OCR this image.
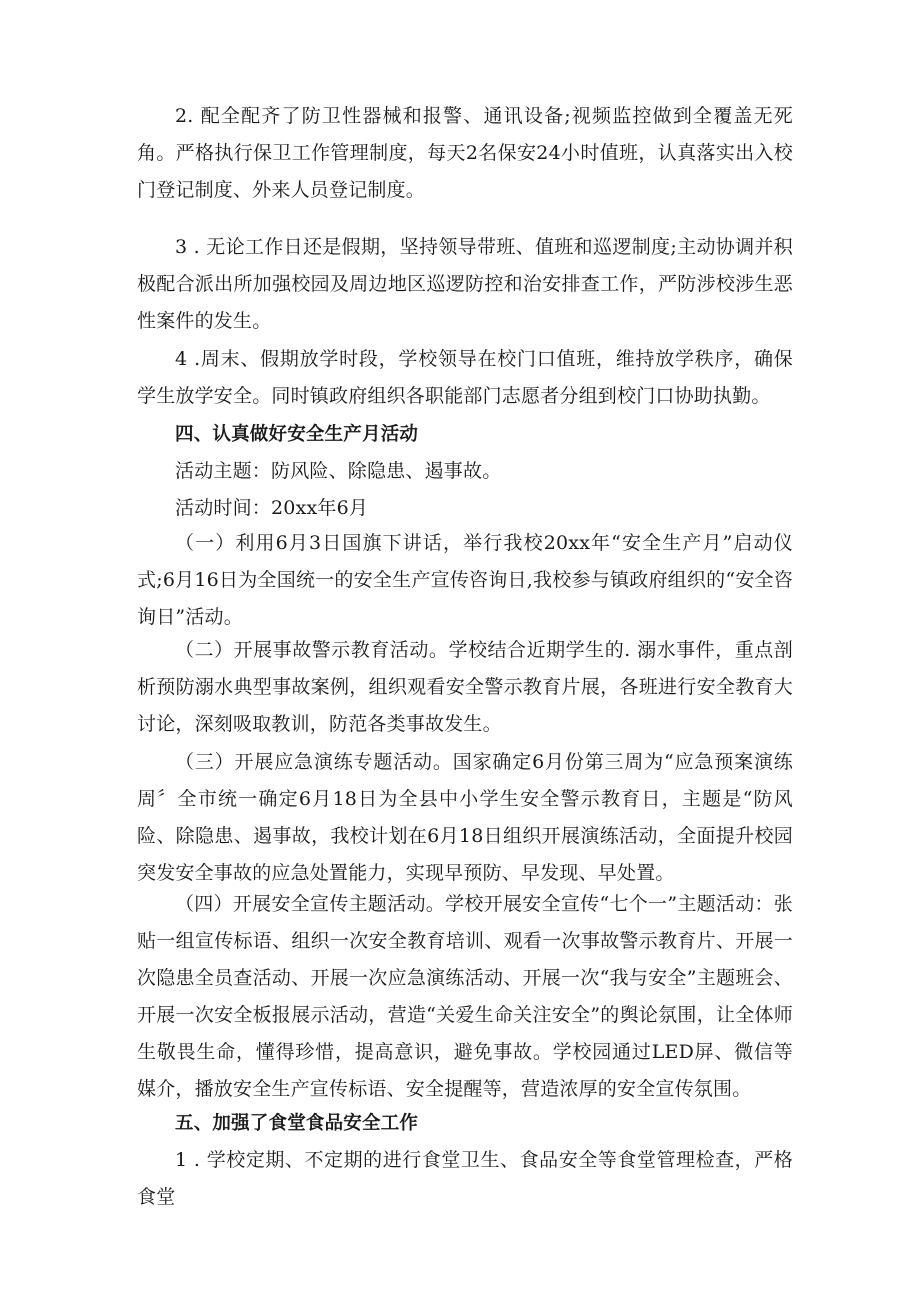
2. 配全配齐了防卫性器械和报警、通讯设备;视频监控做到全覆盖无死角。严格执行保卫工作管理制度，每天2名保安24小时值班，认真落实出入校门登记制度、外来人员登记制度。

3 . 无论工作日还是假期，坚持领导带班、值班和巡逻制度;主动协调并积极配合派出所加强校园及周边地区巡逻防控和治安排查工作，严防涉校涉生恶性案件的发生。

4 .周末、假期放学时段，学校领导在校门口值班，维持放学秩序，确保学生放学安全。同时镇政府组织各职能部门志愿者分组到校门口协助执勤。

四、认真做好安全生产月活动

活动主题：防风险、除隐患、遏事故。

活动时间：20xx年6月

（一）利用6月3日国旗下讲话，举行我校20xx年“安全生产月”启动仪式;6月16日为全国统一的安全生产宣传咨询日,我校参与镇政府组织的“安全咨询日”活动。

（二）开展事故警示教育活动。学校结合近期学生的. 溺水事件，重点剖析预防溺水典型事故案例，组织观看安全警示教育片展，各班进行安全教育大讨论，深刻吸取教训，防范各类事故发生。

（三）开展应急演练专题活动。国家确定6月份第三周为“应急预案演练周〞全市统一确定6月18日为全县中小学生安全警示教育日，主题是“防风险、除隐患、遏事故，我校计划在6月18日组织开展演练活动，全面提升校园突发安全事故的应急处置能力，实现早预防、早发现、早处置。

（四）开展安全宣传主题活动。学校开展安全宣传“七个一”主题活动：张贴一组宣传标语、组织一次安全教育培训、观看一次事故警示教育片、开展一次隐患全员查活动、开展一次应急演练活动、开展一次“我与安全”主题班会、开展一次安全板报展示活动，营造“关爱生命关注安全”的舆论氛围，让全体师生敬畏生命，懂得珍惜，提高意识，避免事故。学校园通过LED屏、微信等媒介，播放安全生产宣传标语、安全提醒等，营造浓厚的安全宣传氛围。

五、加强了食堂食品安全工作

1 . 学校定期、不定期的进行食堂卫生、食品安全等食堂管理检查，严格食堂
